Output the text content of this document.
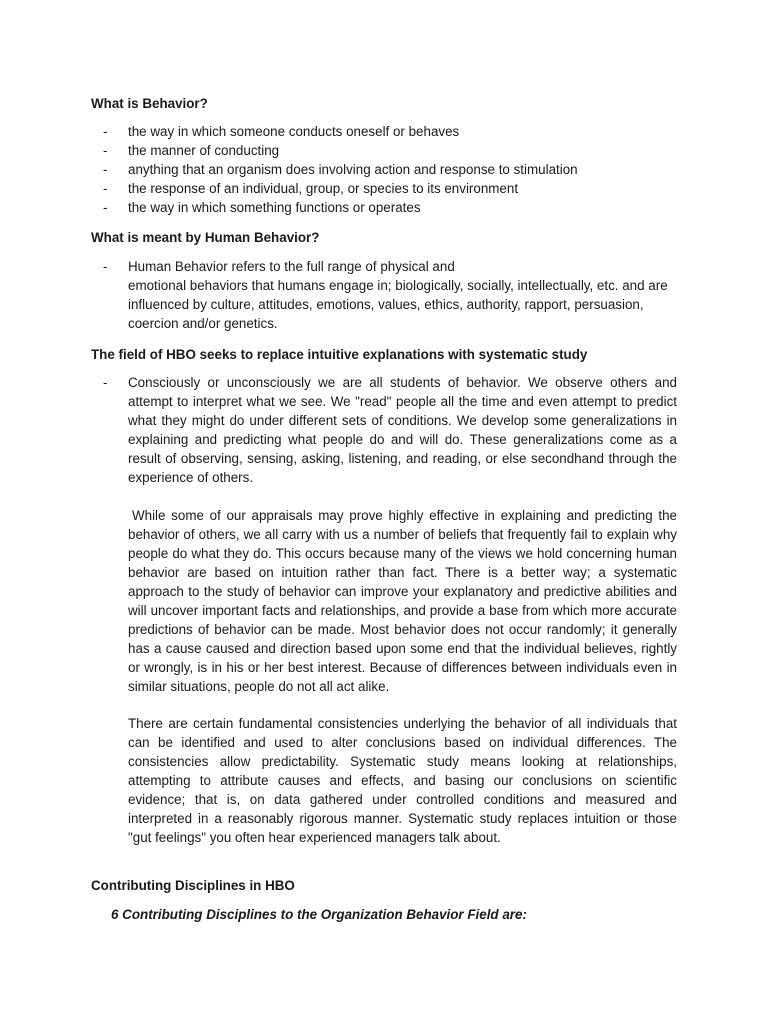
What is Behavior?
- the way in which someone conducts oneself or behaves
- the manner of conducting
- anything that an organism does involving action and response to stimulation
- the response of an individual, group, or species to its environment
- the way in which something functions or operates
What is meant by Human Behavior?
- Human Behavior refers to the full range of physical and

emotional behaviors that humans engage in; biologically, socially, intellectually, etc. and are influenced by culture, attitudes, emotions, values, ethics, authority, rapport, persuasion, coercion and/or genetics.

The field of HBO seeks to replace intuitive explanations with systematic study
- Consciously or unconsciously we are all students of behavior. We observe others and attempt to interpret what we see. We "read" people all the time and even attempt to predict what they might do under different sets of conditions. We develop some generalizations in explaining and predicting what people do and will do. These generalizations come as a result of observing, sensing, asking, listening, and reading, or else secondhand through the experience of others.

While some of our appraisals may prove highly effective in explaining and predicting the behavior of others, we all carry with us a number of beliefs that frequently fail to explain why people do what they do. This occurs because many of the views we hold concerning human behavior are based on intuition rather than fact. There is a better way; a systematic approach to the study of behavior can improve your explanatory and predictive abilities and will uncover important facts and relationships, and provide a base from which more accurate predictions of behavior can be made. Most behavior does not occur randomly; it generally has a cause caused and direction based upon some end that the individual believes, rightly or wrongly, is in his or her best interest. Because of differences between individuals even in similar situations, people do not all act alike.

There are certain fundamental consistencies underlying the behavior of all individuals that can be identified and used to alter conclusions based on individual differences. The consistencies allow predictability. Systematic study means looking at relationships, attempting to attribute causes and effects, and basing our conclusions on scientific evidence; that is, on data gathered under controlled conditions and measured and interpreted in a reasonably rigorous manner. Systematic study replaces intuition or those "gut feelings" you often hear experienced managers talk about.

Contributing Disciplines in HBO

6 Contributing Disciplines to the Organization Behavior Field are:
